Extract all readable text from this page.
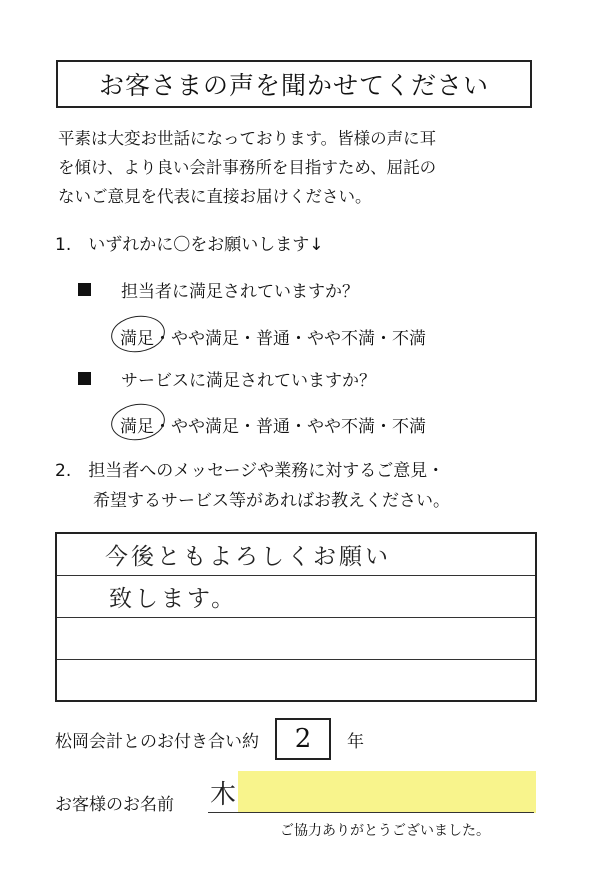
お客さまの声を聞かせてください
平素は大変お世話になっております。皆様の声に耳
を傾け、より良い会計事務所を目指すため、屈託の
ないご意見を代表に直接お届けください。
1.　いずれかに〇をお願いします↓
担当者に満足されていますか？
満足・やや満足・普通・やや不満・不満
サービスに満足されていますか？
満足・やや満足・普通・やや不満・不満
2.　担当者へのメッセージや業務に対するご意見・
希望するサービス等があればお教えください。
今後ともよろしくお願い
致します。
松岡会計とのお付き合い約 2 年
お客様のお名前 木
ご協力ありがとうございました。
